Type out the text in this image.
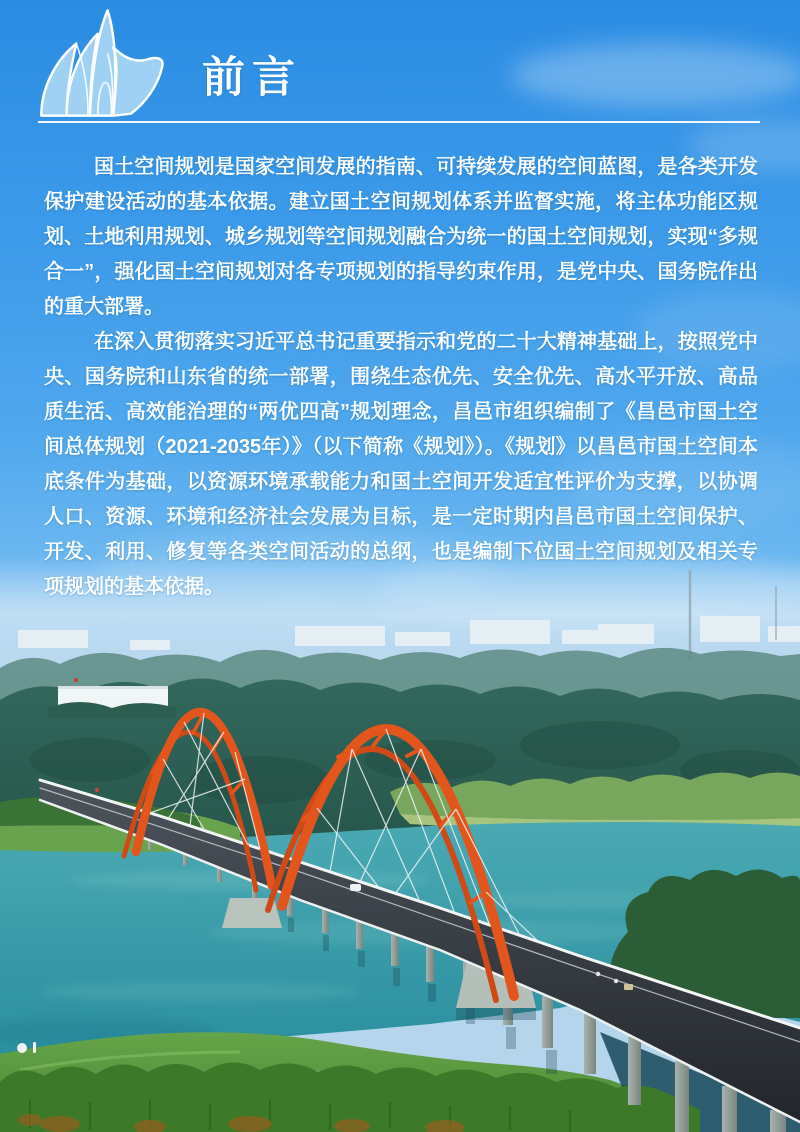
前言

国土空间规划是国家空间发展的指南、可持续发展的空间蓝图，是各类开发保护建设活动的基本依据。建立国土空间规划体系并监督实施，将主体功能区规划、土地利用规划、城乡规划等空间规划融合为统一的国土空间规划，实现“多规合一”，强化国土空间规划对各专项规划的指导约束作用，是党中央、国务院作出的重大部署。

在深入贯彻落实习近平总书记重要指示和党的二十大精神基础上，按照党中央、国务院和山东省的统一部署，围绕生态优先、安全优先、高水平开放、高品质生活、高效能治理的“两优四高”规划理念，昌邑市组织编制了《昌邑市国土空间总体规划（2021-2035年）》（以下简称《规划》）。《规划》以昌邑市国土空间本底条件为基础，以资源环境承载能力和国土空间开发适宜性评价为支撑，以协调人口、资源、环境和经济社会发展为目标，是一定时期内昌邑市国土空间保护、开发、利用、修复等各类空间活动的总纲，也是编制下位国土空间规划及相关专项规划的基本依据。
